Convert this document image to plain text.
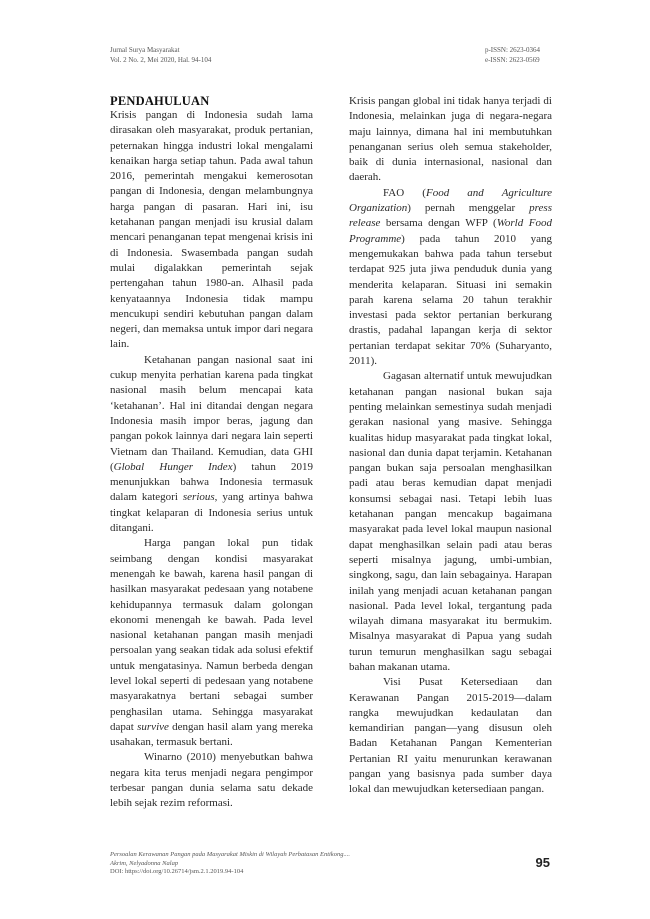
Jurnal Surya Masyarakat
Vol. 2 No. 2, Mei 2020, Hal. 94-104
p-ISSN: 2623-0364
e-ISSN: 2623-0569
PENDAHULUAN

Krisis pangan di Indonesia sudah lama dirasakan oleh masyarakat, produk pertanian, peternakan hingga industri lokal mengalami kenaikan harga setiap tahun. Pada awal tahun 2016, pemerintah mengakui kemerosotan pangan di Indonesia, dengan melambungnya harga pangan di pasaran. Hari ini, isu ketahanan pangan menjadi isu krusial dalam mencari penanganan tepat mengenai krisis ini di Indonesia. Swasembada pangan sudah mulai digalakkan pemerintah sejak pertengahan tahun 1980-an. Alhasil pada kenyataannya Indonesia tidak mampu mencukupi sendiri kebutuhan pangan dalam negeri, dan memaksa untuk impor dari negara lain.

Ketahanan pangan nasional saat ini cukup menyita perhatian karena pada tingkat nasional masih belum mencapai kata ‘ketahanan’. Hal ini ditandai dengan negara Indonesia masih impor beras, jagung dan pangan pokok lainnya dari negara lain seperti Vietnam dan Thailand. Kemudian, data GHI (Global Hunger Index) tahun 2019 menunjukkan bahwa Indonesia termasuk dalam kategori serious, yang artinya bahwa tingkat kelaparan di Indonesia serius untuk ditangani.

Harga pangan lokal pun tidak seimbang dengan kondisi masyarakat menengah ke bawah, karena hasil pangan di hasilkan masyarakat pedesaan yang notabene kehidupannya termasuk dalam golongan ekonomi menengah ke bawah. Pada level nasional ketahanan pangan masih menjadi persoalan yang seakan tidak ada solusi efektif untuk mengatasinya. Namun berbeda dengan level lokal seperti di pedesaan yang notabene masyarakatnya bertani sebagai sumber penghasilan utama. Sehingga masyarakat dapat survive dengan hasil alam yang mereka usahakan, termasuk bertani.

Winarno (2010) menyebutkan bahwa negara kita terus menjadi negara pengimpor terbesar pangan dunia selama satu dekade lebih sejak rezim reformasi.

Krisis pangan global ini tidak hanya terjadi di Indonesia, melainkan juga di negara-negara maju lainnya, dimana hal ini membutuhkan penanganan serius oleh semua stakeholder, baik di dunia internasional, nasional dan daerah.

FAO (Food and Agriculture Organization) pernah menggelar press release bersama dengan WFP (World Food Programme) pada tahun 2010 yang mengemukakan bahwa pada tahun tersebut terdapat 925 juta jiwa penduduk dunia yang menderita kelaparan. Situasi ini semakin parah karena selama 20 tahun terakhir investasi pada sektor pertanian berkurang drastis, padahal lapangan kerja di sektor pertanian terdapat sekitar 70% (Suharyanto, 2011).

Gagasan alternatif untuk mewujudkan ketahanan pangan nasional bukan saja penting melainkan semestinya sudah menjadi gerakan nasional yang masive. Sehingga kualitas hidup masyarakat pada tingkat lokal, nasional dan dunia dapat terjamin. Ketahanan pangan bukan saja persoalan menghasilkan padi atau beras kemudian dapat menjadi konsumsi sebagai nasi. Tetapi lebih luas ketahanan pangan mencakup bagaimana masyarakat pada level lokal maupun nasional dapat menghasilkan selain padi atau beras seperti misalnya jagung, umbi-umbian, singkong, sagu, dan lain sebagainya. Harapan inilah yang menjadi acuan ketahanan pangan nasional. Pada level lokal, tergantung pada wilayah dimana masyarakat itu bermukim. Misalnya masyarakat di Papua yang sudah turun temurun menghasilkan sagu sebagai bahan makanan utama.

Visi Pusat Ketersediaan dan Kerawanan Pangan 2015-2019—dalam rangka mewujudkan kedaulatan dan kemandirian pangan—yang disusun oleh Badan Ketahanan Pangan Kementerian Pertanian RI yaitu menurunkan kerawanan pangan yang basisnya pada sumber daya lokal dan mewujudkan ketersediaan pangan.

Persoalan Kerawanan Pangan pada Masyarakat Miskin di Wilayah Perbatasan Entikong....
Akrim, Nelyadonna Nalap
DOI: https://doi.org/10.26714/jsm.2.1.2019.94-104
95
